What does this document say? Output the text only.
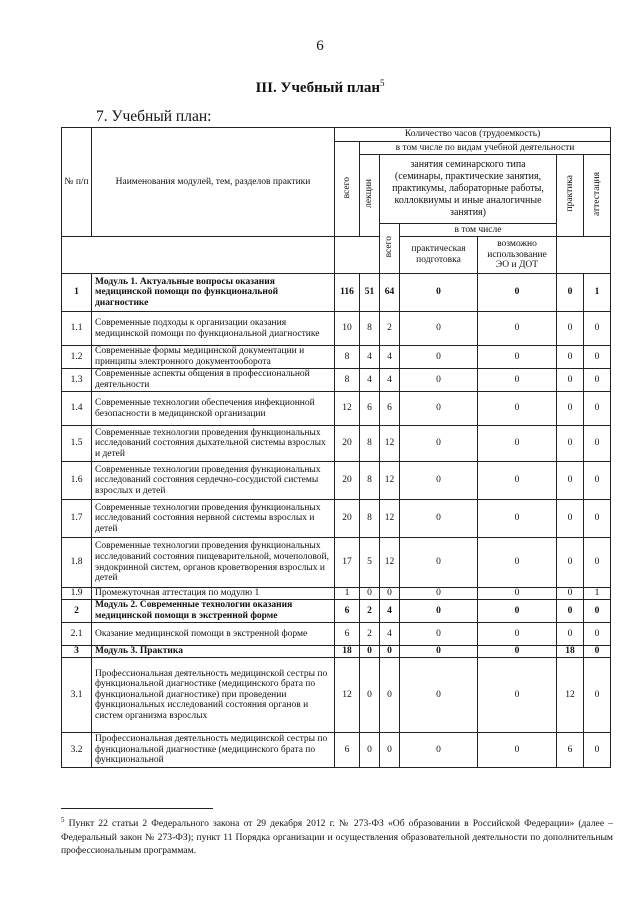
6
III. Учебный план$^5$
7. Учебный план:
№ п/п	Наименования модулей, тем, разделов практики	Количество часов (трудоемкость)						
		всего	в том числе по видам учебной деятельности					
			лекции	занятия семинарского типа (семинары, практические занятия, практикумы, лабораторные работы, коллоквиумы и иные аналогичные занятия)			практика	аттестация
				всего	в том числе			
					практическая подготовка	возможно использование ЭО и ДОТ		
1	Модуль 1. Актуальные вопросы оказания медицинской помощи по функциональной диагностике	116	51	64	0	0	0	1
1.1	Современные подходы к организации оказания медицинской помощи по функциональной диагностике	10	8	2	0	0	0	0
1.2	Современные формы медицинской документации и принципы электронного документооборота	8	4	4	0	0	0	0
1.3	Современные аспекты общения в профессиональной деятельности	8	4	4	0	0	0	0
1.4	Современные технологии обеспечения инфекционной безопасности в медицинской организации	12	6	6	0	0	0	0
1.5	Современные технологии проведения функциональных исследований состояния дыхательной системы взрослых и детей	20	8	12	0	0	0	0
1.6	Современные технологии проведения функциональных исследований состояния сердечно-сосудистой системы взрослых и детей	20	8	12	0	0	0	0
1.7	Современные технологии проведения функциональных исследований состояния нервной системы взрослых и детей	20	8	12	0	0	0	0
1.8	Современные технологии проведения функциональных исследований состояния пищеварительной, мочеполовой, эндокринной систем, органов кроветворения взрослых и детей	17	5	12	0	0	0	0
1.9	Промежуточная аттестация по модулю 1	1	0	0	0	0	0	1
2	Модуль 2. Современные технологии оказания медицинской помощи в экстренной форме	6	2	4	0	0	0	0
2.1	Оказание медицинской помощи в экстренной форме	6	2	4	0	0	0	0
3	Модуль 3. Практика	18	0	0	0	0	18	0
3.1	Профессиональная деятельность медицинской сестры по функциональной диагностике (медицинского брата по функциональной диагностике) при проведении функциональных исследований состояния органов и систем организма взрослых	12	0	0	0	0	12	0
3.2	Профессиональная деятельность медицинской сестры по функциональной диагностике (медицинского брата по функциональной	6	0	0	0	0	6	0
$^5$ Пункт 22 статьи 2 Федерального закона от 29 декабря 2012 г. № 273-ФЗ «Об образовании в Российской Федерации» (далее – Федеральный закон № 273-ФЗ); пункт 11 Порядка организации и осуществления образовательной деятельности по дополнительным профессиональным программам.
